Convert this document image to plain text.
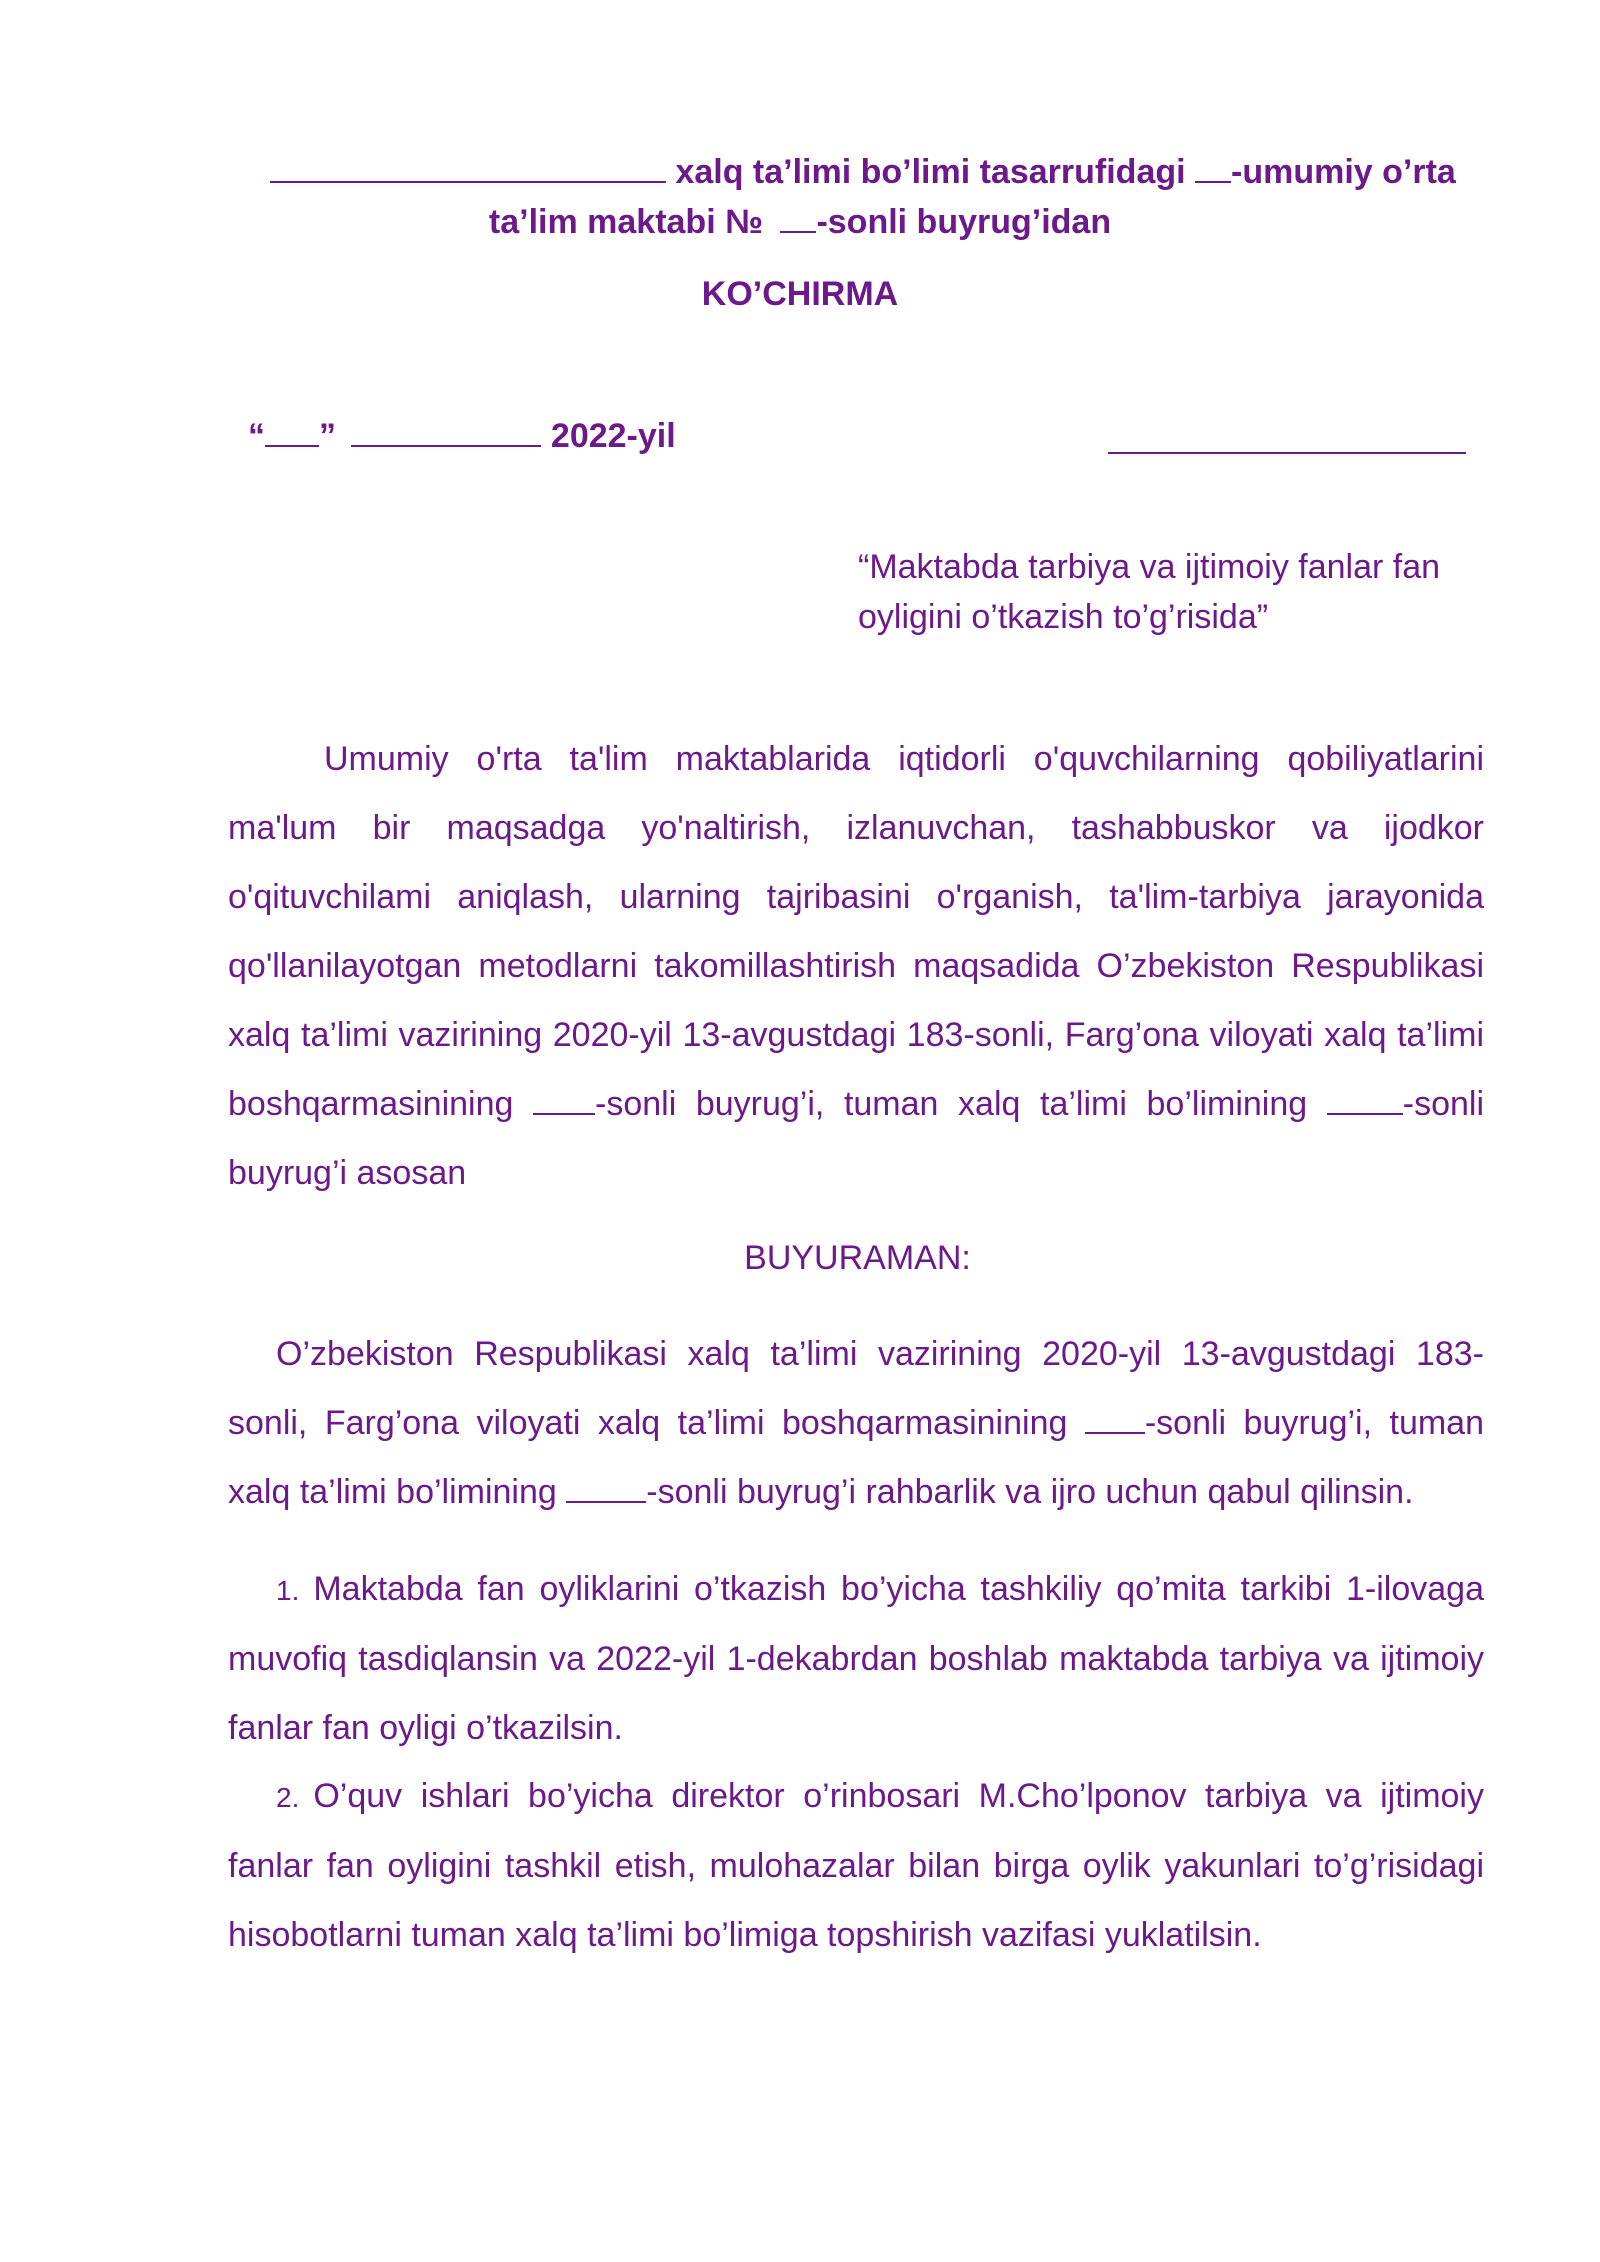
xalq ta’limi bo’limi tasarrufidagi -umumiy o’rta
ta’lim maktabi № -sonli buyrug’idan
KO’CHIRMA
“ ”	2022-yil
“Maktabda tarbiya va ijtimoiy fanlar fan
oyligini o’tkazish to’g’risida”
Umumiy o'rta ta'lim maktablarida iqtidorli o'quvchilarning qobiliyatlarini ma'lum bir maqsadga yo'naltirish, izlanuvchan, tashabbuskor va ijodkor o'qituvchilami aniqlash, ularning tajribasini o'rganish, ta'lim-tarbiya jarayonida qo'llanilayotgan metodlarni takomillashtirish maqsadida O’zbekiston Respublikasi xalq ta’limi vazirining 2020-yil 13-avgustdagi 183-sonli, Farg’ona viloyati xalq ta’limi boshqarmasinining -sonli buyrug’i, tuman xalq ta’limi bo’limining -sonli buyrug’i asosan
BUYURAMAN:
O’zbekiston Respublikasi xalq ta’limi vazirining 2020-yil 13-avgustdagi 183-sonli, Farg’ona viloyati xalq ta’limi boshqarmasinining -sonli buyrug’i, tuman xalq ta’limi bo’limining -sonli buyrug’i rahbarlik va ijro uchun qabul qilinsin.
1. Maktabda fan oyliklarini o’tkazish bo’yicha tashkiliy qo’mita tarkibi 1-ilovaga muvofiq tasdiqlansin va 2022-yil 1-dekabrdan boshlab maktabda tarbiya va ijtimoiy fanlar fan oyligi o’tkazilsin.
2. O’quv ishlari bo’yicha direktor o’rinbosari M.Cho’lponov tarbiya va ijtimoiy fanlar fan oyligini tashkil etish, mulohazalar bilan birga oylik yakunlari to’g’risidagi hisobotlarni tuman xalq ta’limi bo’limiga topshirish vazifasi yuklatilsin.
